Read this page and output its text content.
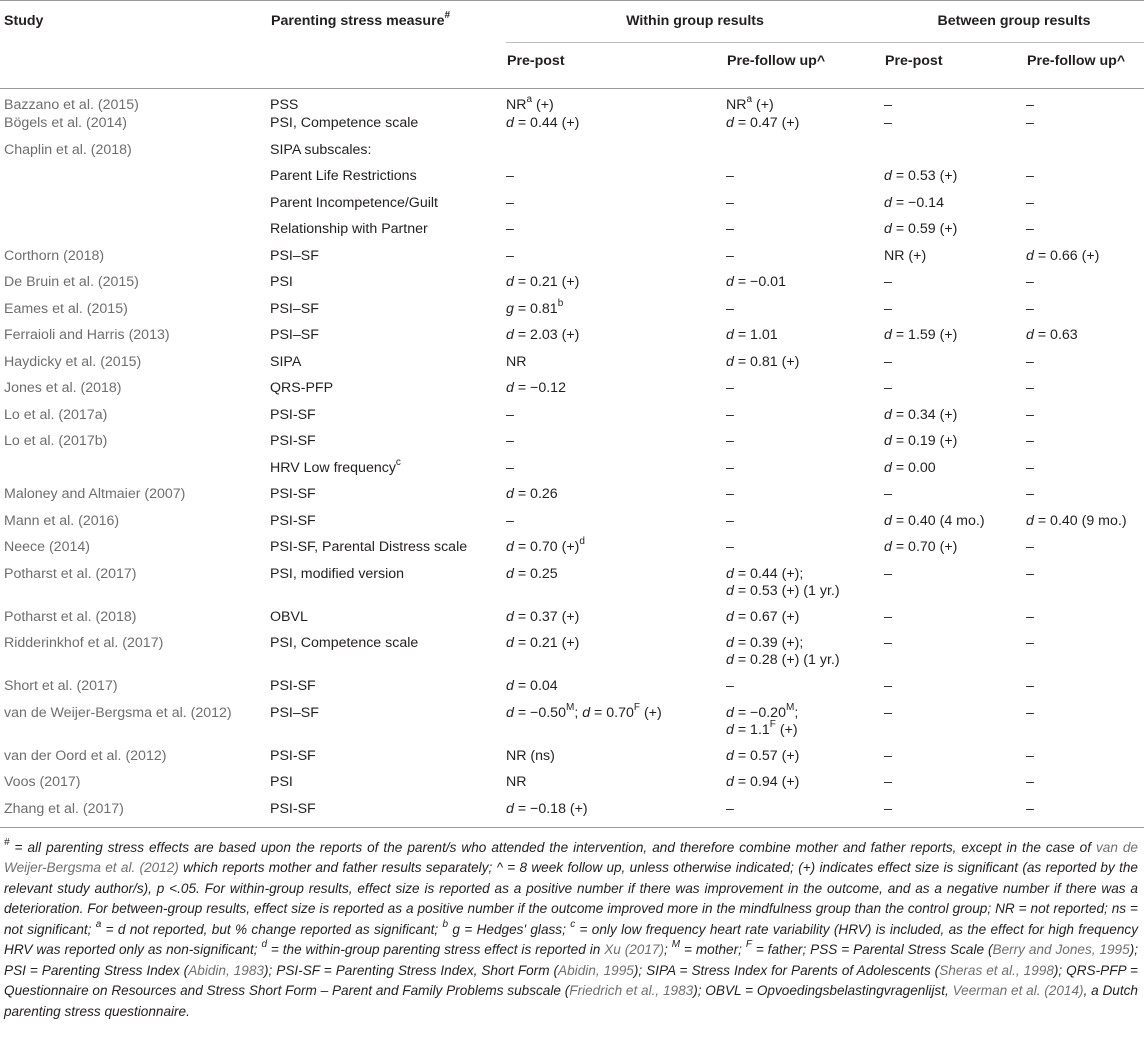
Study	Parenting stress measure#	Within group results		Between group results	
		Pre-post	Pre-follow up^	Pre-post	Pre-follow up^
Bazzano et al. (2015)	PSS	$NR^a$ (+)	$NR^a$ (+)	–	–
Bögels et al. (2014)	PSI, Competence scale	d = 0.44 (+)	d = 0.47 (+)	–	–
Chaplin et al. (2018)	SIPA subscales:				
	Parent Life Restrictions	–	–	d = 0.53 (+)	–
	Parent Incompetence/Guilt	–	–	d = −0.14	–
	Relationship with Partner	–	–	d = 0.59 (+)	–
Corthorn (2018)	PSI–SF	–	–	NR (+)	d = 0.66 (+)
De Bruin et al. (2015)	PSI	d = 0.21 (+)	d = −0.01	–	–
Eames et al. (2015)	PSI–SF	g = 0.81$^b$	–	–	–
Ferraioli and Harris (2013)	PSI–SF	d = 2.03 (+)	d = 1.01	d = 1.59 (+)	d = 0.63
Haydicky et al. (2015)	SIPA	NR	d = 0.81 (+)	–	–
Jones et al. (2018)	QRS-PFP	d = −0.12	–	–	–
Lo et al. (2017a)	PSI-SF	–	–	d = 0.34 (+)	–
Lo et al. (2017b)	PSI-SF	–	–	d = 0.19 (+)	–
	HRV Low frequency$^c$	–	–	d = 0.00	–
Maloney and Altmaier (2007)	PSI-SF	d = 0.26	–	–	–
Mann et al. (2016)	PSI-SF	–	–	d = 0.40 (4 mo.)	d = 0.40 (9 mo.)
Neece (2014)	PSI-SF, Parental Distress scale	d = 0.70 $(+)^d$	–	d = 0.70 (+)	–
Potharst et al. (2017)	PSI, modified version	d = 0.25	d = 0.44 (+);
d = 0.53 (+) (1 yr.)	–	–
Potharst et al. (2018)	OBVL	d = 0.37 (+)	d = 0.67 (+)	–	–
Ridderinkhof et al. (2017)	PSI, Competence scale	d = 0.21 (+)	d = 0.39 (+);
d = 0.28 (+) (1 yr.)	–	–
Short et al. (2017)	PSI-SF	d = 0.04	–	–	–
van de Weijer-Bergsma et al. (2012)	PSI–SF	$d = -0.50^M$; $d = 0.70^F$ (+)	$d = -0.20^M$;
$d = 1.1^F$ (+)	–	–
van der Oord et al. (2012)	PSI-SF	NR (ns)	d = 0.57 (+)	–	–
Voos (2017)	PSI	NR	d = 0.94 (+)	–	–
Zhang et al. (2017)	PSI-SF	d = −0.18 (+)	–	–	–
# = all parenting stress effects are based upon the reports of the parent/s who attended the intervention, and therefore combine mother and father reports, except in the case of van de Weijer-Bergsma et al. (2012) which reports mother and father results separately; ^ = 8 week follow up, unless otherwise indicated; (+) indicates effect size is significant (as reported by the relevant study author/s), p <.05. For within-group results, effect size is reported as a positive number if there was improvement in the outcome, and as a negative number if there was a deterioration. For between-group results, effect size is reported as a positive number if the outcome improved more in the mindfulness group than the control group; NR = not reported; ns = not significant; $^a$ = d not reported, but % change reported as significant; $^b$ g = Hedges' glass; $^c$ = only low frequency heart rate variability (HRV) is included, as the effect for high frequency HRV was reported only as non-significant; $^d$ = the within-group parenting stress effect is reported in Xu (2017); $^M$ = mother; $^F$ = father; PSS = Parental Stress Scale (Berry and Jones, 1995); PSI = Parenting Stress Index (Abidin, 1983); PSI-SF = Parenting Stress Index, Short Form (Abidin, 1995); SIPA = Stress Index for Parents of Adolescents (Sheras et al., 1998); QRS-PFP = Questionnaire on Resources and Stress Short Form – Parent and Family Problems subscale (Friedrich et al., 1983); OBVL = Opvoedingsbelastingvragenlijst, Veerman et al. (2014), a Dutch parenting stress questionnaire.
